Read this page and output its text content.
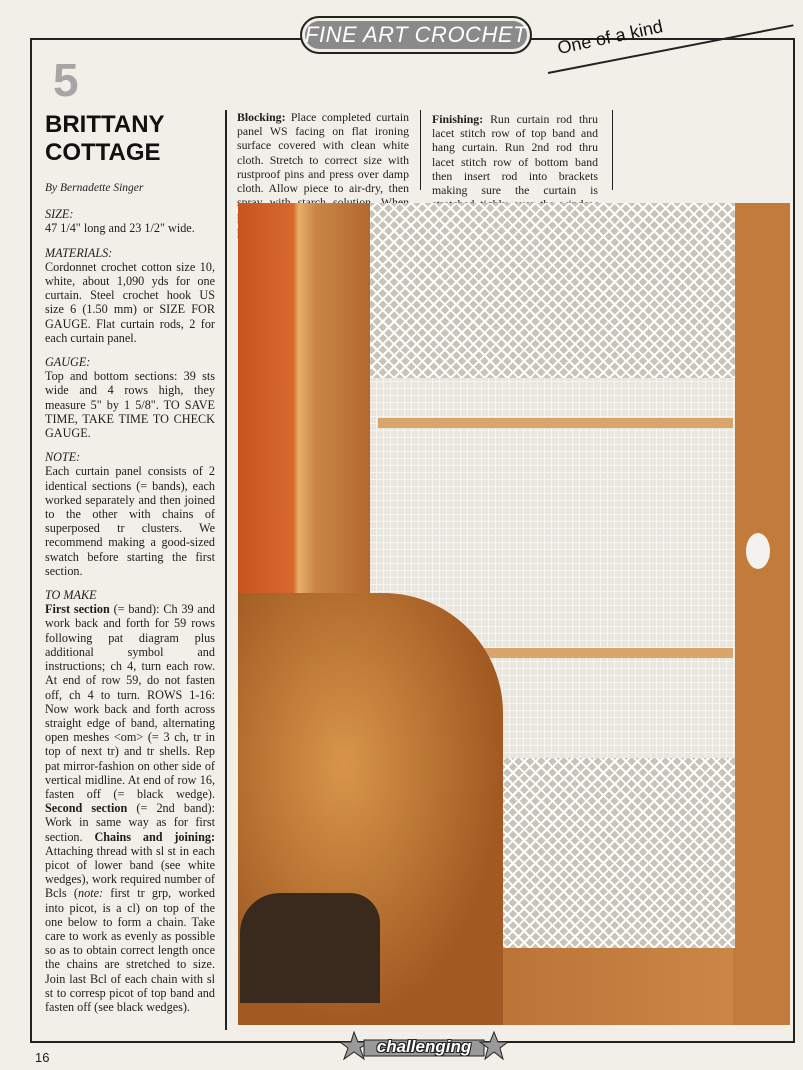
FINE ART CROCHET One of a kind
5
BRITTANY
COTTAGE
By Bernadette Singer
SIZE:

47 1/4" long and 23 1/2" wide.

MATERIALS:

Cordonnet crochet cotton size 10, white, about 1,090 yds for one curtain. Steel crochet hook US size 6 (1.50 mm) or SIZE FOR GAUGE. Flat curtain rods, 2 for each curtain panel.

GAUGE:

Top and bottom sections: 39 sts wide and 4 rows high, they measure 5" by 1 5/8". TO SAVE TIME, TAKE TIME TO CHECK GAUGE.

NOTE:

Each curtain panel consists of 2 identical sections (= bands), each worked separately and then joined to the other with chains of superposed tr clusters. We recommend making a good-sized swatch before starting the first section.

TO MAKE

First section (= band): Ch 39 and work back and forth for 59 rows following pat diagram plus additional symbol and instructions; ch 4, turn each row. At end of row 59, do not fasten off, ch 4 to turn. ROWS 1-16: Now work back and forth across straight edge of band, alternating open meshes <om> (= 3 ch, tr in top of next tr) and tr shells. Rep pat mirror-fashion on other side of vertical midline. At end of row 16, fasten off (= black wedge). Second section (= 2nd band): Work in same way as for first section. Chains and joining: Attaching thread with sl st in each picot of lower band (see white wedges), work required number of Bcls (note: first tr grp, worked into picot, is a cl) on top of the one below to form a chain. Take care to work as evenly as possible so as to obtain correct length once the chains are stretched to size. Join last Bcl of each chain with sl st to corresp picot of top band and fasten off (see black wedges).

Blocking: Place completed curtain panel WS facing on flat ironing surface covered with clean white cloth. Stretch to correct size with rustproof pins and press over damp cloth. Allow piece to air-dry, then
Finishing: Run curtain rod thru lacet stitch row of top band and hang curtain. Run 2nd rod thru lacet stitch row of bottom band then insert rod into brackets making sure the curtain is
challenging
16
